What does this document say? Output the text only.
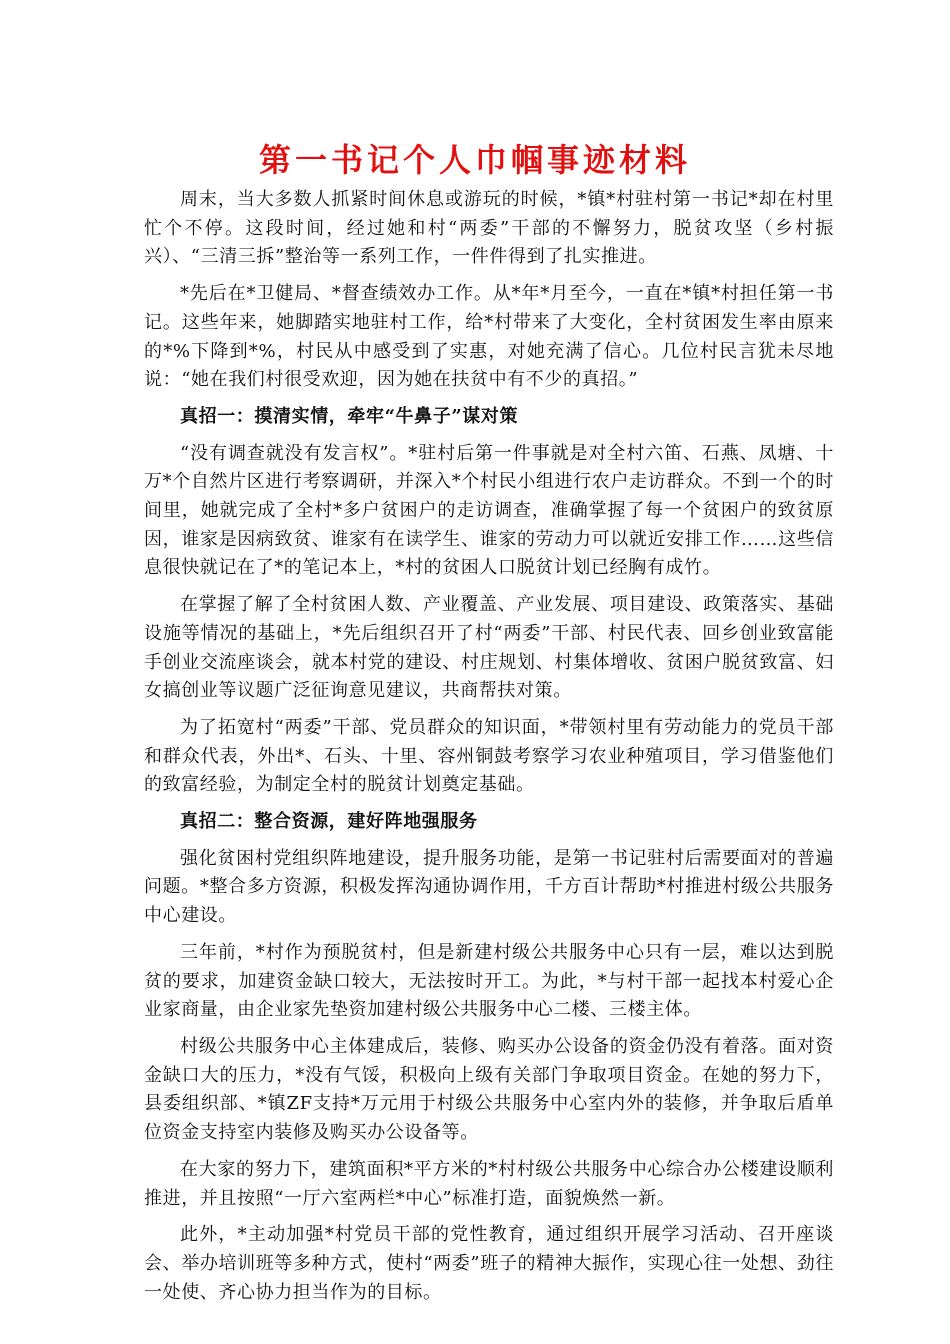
第一书记个人巾帼事迹材料

周末，当大多数人抓紧时间休息或游玩的时候，*镇*村驻村第一书记*却在村里忙个不停。这段时间，经过她和村“两委”干部的不懈努力，脱贫攻坚（乡村振兴）、“三清三拆”整治等一系列工作，一件件得到了扎实推进。

*先后在*卫健局、*督查绩效办工作。从*年*月至今，一直在*镇*村担任第一书记。这些年来，她脚踏实地驻村工作，给*村带来了大变化，全村贫困发生率由原来的*%下降到*%，村民从中感受到了实惠，对她充满了信心。几位村民言犹未尽地说：“她在我们村很受欢迎，因为她在扶贫中有不少的真招。”

真招一：摸清实情，牵牢“牛鼻子”谋对策

“没有调查就没有发言权”。*驻村后第一件事就是对全村六笛、石燕、凤塘、十万*个自然片区进行考察调研，并深入*个村民小组进行农户走访群众。不到一个的时间里，她就完成了全村*多户贫困户的走访调查，准确掌握了每一个贫困户的致贫原因，谁家是因病致贫、谁家有在读学生、谁家的劳动力可以就近安排工作……这些信息很快就记在了*的笔记本上，*村的贫困人口脱贫计划已经胸有成竹。

在掌握了解了全村贫困人数、产业覆盖、产业发展、项目建设、政策落实、基础设施等情况的基础上，*先后组织召开了村“两委”干部、村民代表、回乡创业致富能手创业交流座谈会，就本村党的建设、村庄规划、村集体增收、贫困户脱贫致富、妇女搞创业等议题广泛征询意见建议，共商帮扶对策。

为了拓宽村“两委”干部、党员群众的知识面，*带领村里有劳动能力的党员干部和群众代表，外出*、石头、十里、容州铜鼓考察学习农业种殖项目，学习借鉴他们的致富经验，为制定全村的脱贫计划奠定基础。

真招二：整合资源，建好阵地强服务

强化贫困村党组织阵地建设，提升服务功能，是第一书记驻村后需要面对的普遍问题。*整合多方资源，积极发挥沟通协调作用，千方百计帮助*村推进村级公共服务中心建设。

三年前，*村作为预脱贫村，但是新建村级公共服务中心只有一层，难以达到脱贫的要求，加建资金缺口较大，无法按时开工。为此，*与村干部一起找本村爱心企业家商量，由企业家先垫资加建村级公共服务中心二楼、三楼主体。

村级公共服务中心主体建成后，装修、购买办公设备的资金仍没有着落。面对资金缺口大的压力，*没有气馁，积极向上级有关部门争取项目资金。在她的努力下，县委组织部、*镇ZF支持*万元用于村级公共服务中心室内外的装修，并争取后盾单位资金支持室内装修及购买办公设备等。

在大家的努力下，建筑面积*平方米的*村村级公共服务中心综合办公楼建设顺利推进，并且按照“一厅六室两栏*中心”标准打造，面貌焕然一新。

此外，*主动加强*村党员干部的党性教育，通过组织开展学习活动、召开座谈会、举办培训班等多种方式，使村“两委”班子的精神大振作，实现心往一处想、劲往一处使、齐心协力担当作为的目标。
